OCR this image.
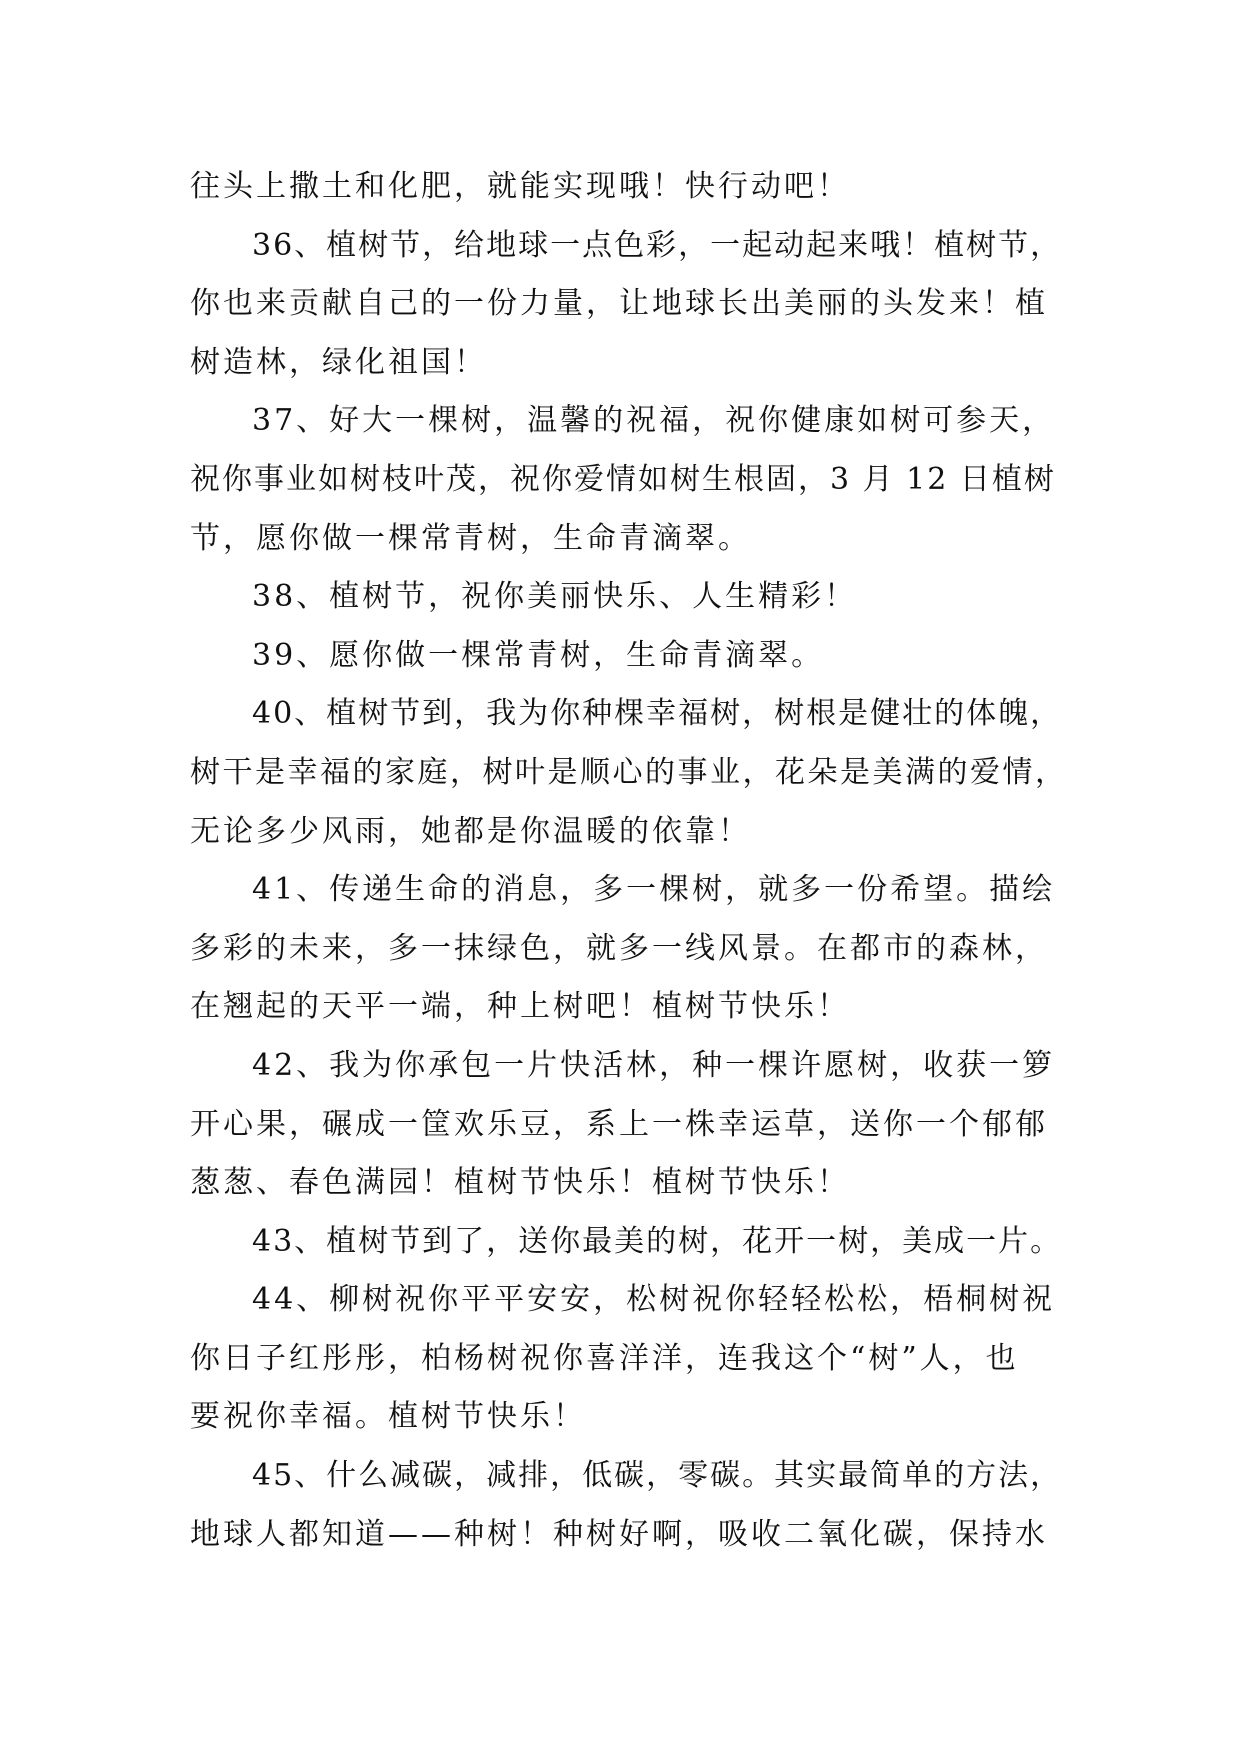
往头上撒土和化肥，就能实现哦！快行动吧！
36、植树节，给地球一点色彩，一起动起来哦！植树节，
你也来贡献自己的一份力量，让地球长出美丽的头发来！植
树造林，绿化祖国！
37、好大一棵树，温馨的祝福，祝你健康如树可参天，
祝你事业如树枝叶茂，祝你爱情如树生根固，3 月 12 日植树
节，愿你做一棵常青树，生命青滴翠。
38、植树节，祝你美丽快乐、人生精彩！
39、愿你做一棵常青树，生命青滴翠。
40、植树节到，我为你种棵幸福树，树根是健壮的体魄，
树干是幸福的家庭，树叶是顺心的事业，花朵是美满的爱情，
无论多少风雨，她都是你温暖的依靠！
41、传递生命的消息，多一棵树，就多一份希望。描绘
多彩的未来，多一抹绿色，就多一线风景。在都市的森林，
在翘起的天平一端，种上树吧！植树节快乐！
42、我为你承包一片快活林，种一棵许愿树，收获一箩
开心果，碾成一筐欢乐豆，系上一株幸运草，送你一个郁郁
葱葱、春色满园！植树节快乐！植树节快乐！
43、植树节到了，送你最美的树，花开一树，美成一片。
44、柳树祝你平平安安，松树祝你轻轻松松，梧桐树祝
你日子红彤彤，柏杨树祝你喜洋洋，连我这个“树”人，也
要祝你幸福。植树节快乐！
45、什么减碳，减排，低碳，零碳。其实最简单的方法，
地球人都知道——种树！种树好啊，吸收二氧化碳，保持水
